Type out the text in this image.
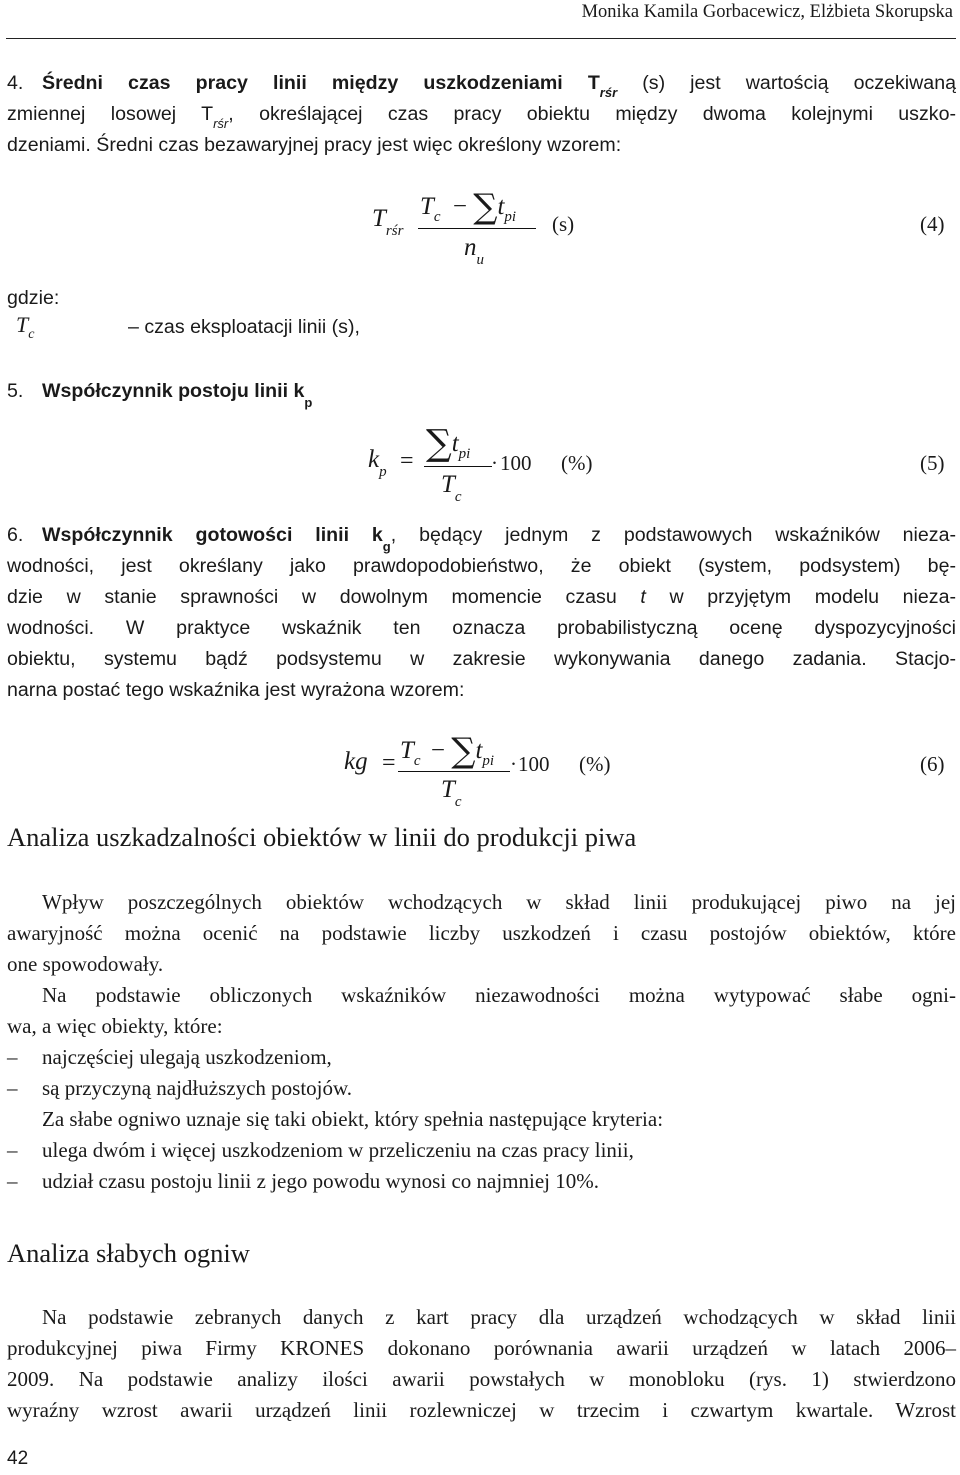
Monika Kamila Gorbacewicz, Elżbieta Skorupska
4. Średni czas pracy linii między uszkodzeniami $T_{rśr}$ (s) jest wartością oczekiwaną
zmiennej losowej $T_{rśr}$, określającej czas pracy obiektu między dwoma kolejnymi uszko-
dzeniami. Średni czas bezawaryjnej pracy jest więc określony wzorem:
$T_{rśr}$
$T_c - \sum t_{pi}$
$n_u$
(s)	(4)
gdzie:
$T_c$	– czas eksploatacji linii (s),
5. Współczynnik postoju linii $k_p$
$k_p = \sum t_{pi}$
$T_c$
· 100 (%)	(5)
6. Współczynnik gotowości linii $k_g$, będący jednym z podstawowych wskaźników nieza-
wodności, jest określany jako prawdopodobieństwo, że obiekt (system, podsystem) bę-
dzie w stanie sprawności w dowolnym momencie czasu t w przyjętym modelu nieza-
wodności. W praktyce wskaźnik ten oznacza probabilistyczną ocenę dyspozycyjności
obiektu, systemu bądź podsystemu w zakresie wykonywania danego zadania. Stacjo-
narna postać tego wskaźnika jest wyrażona wzorem:
kg = $T_c - \sum t_{pi}$
$T_c$
· 100 (%)	(6)
Analiza uszkadzalności obiektów w linii do produkcji piwa
Wpływ poszczególnych obiektów wchodzących w skład linii produkującej piwo na jej
awaryjność można ocenić na podstawie liczby uszkodzeń i czasu postojów obiektów, które
one spowodowały.
Na podstawie obliczonych wskaźników niezawodności można wytypować słabe ogni-
wa, a więc obiekty, które:
– najczęściej ulegają uszkodzeniom,
– są przyczyną najdłuższych postojów.
Za słabe ogniwo uznaje się taki obiekt, który spełnia następujące kryteria:
– ulega dwóm i więcej uszkodzeniom w przeliczeniu na czas pracy linii,
– udział czasu postoju linii z jego powodu wynosi co najmniej 10%.
Analiza słabych ogniw
Na podstawie zebranych danych z kart pracy dla urządzeń wchodzących w skład linii
produkcyjnej piwa Firmy KRONES dokonano porównania awarii urządzeń w latach 2006–
2009. Na podstawie analizy ilości awarii powstałych w monobloku (rys. 1) stwierdzono
wyraźny wzrost awarii urządzeń linii rozlewniczej w trzecim i czwartym kwartale. Wzrost
42
